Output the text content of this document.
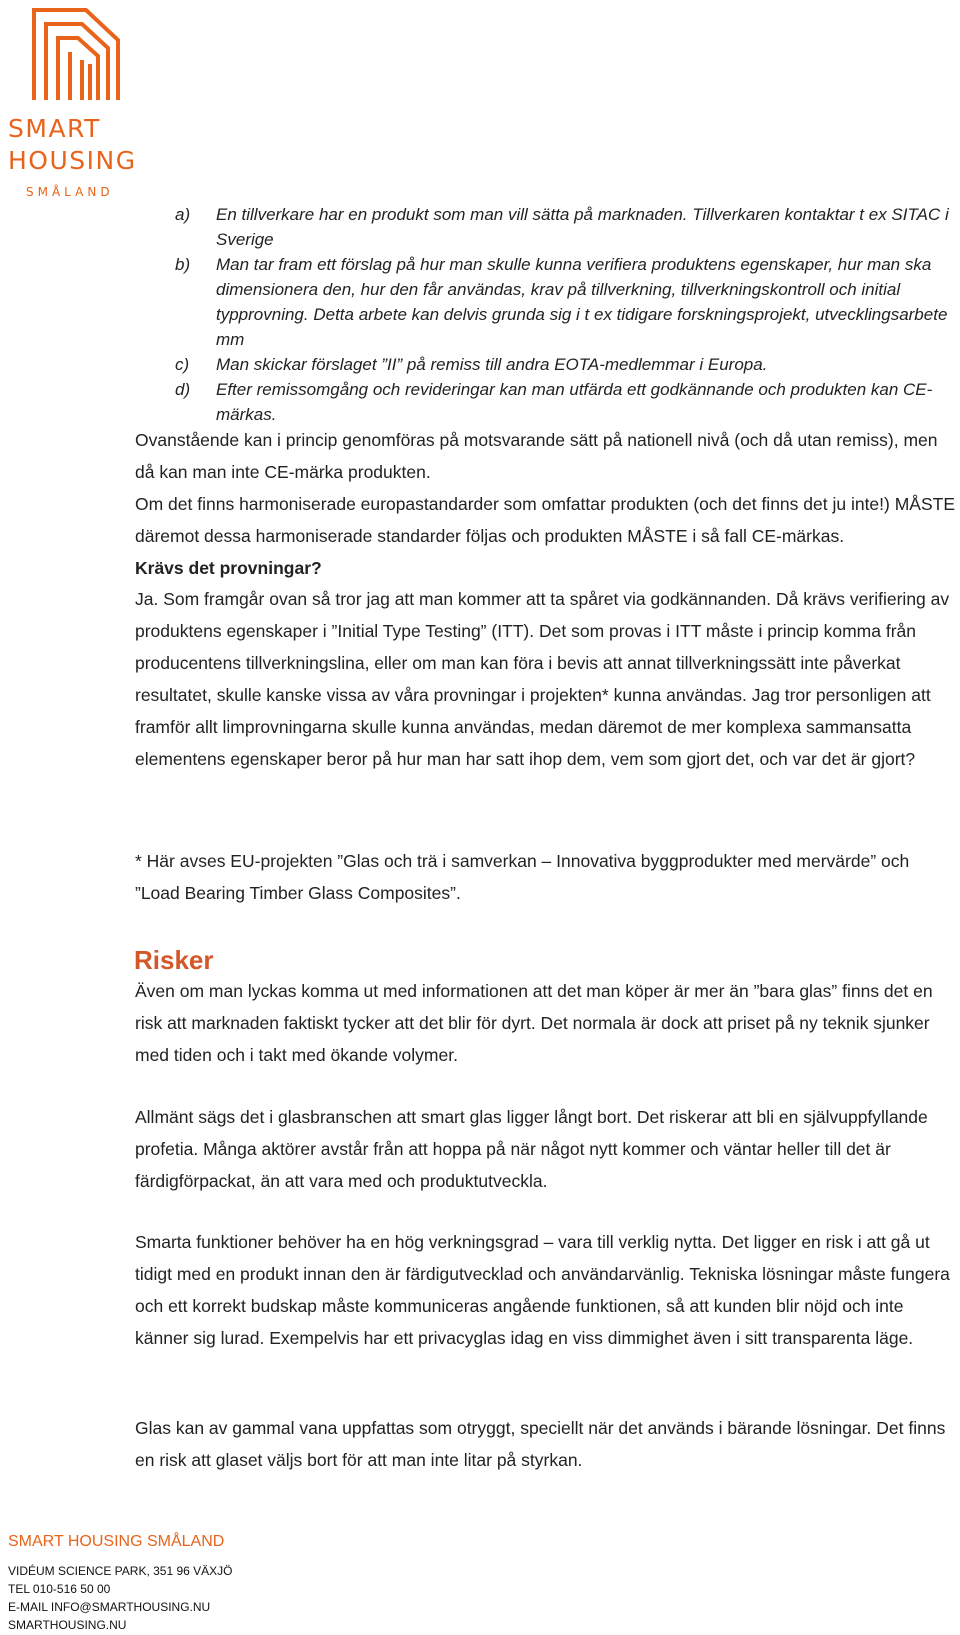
SMART
HOUSING
SMÅLAND
a) En tillverkare har en produkt som man vill sätta på marknaden. Tillverkaren kontaktar t ex SITAC i Sverige
b) Man tar fram ett förslag på hur man skulle kunna verifiera produktens egenskaper, hur man ska dimensionera den, hur den får användas, krav på tillverkning, tillverkningskontroll och initial typprovning. Detta arbete kan delvis grunda sig i t ex tidigare forskningsprojekt, utvecklingsarbete mm
c) Man skickar förslaget ”II” på remiss till andra EOTA-medlemmar i Europa.
d) Efter remissomgång och revideringar kan man utfärda ett godkännande och produkten kan CE-märkas.

Ovanstående kan i princip genomföras på motsvarande sätt på nationell nivå (och då utan remiss), men då kan man inte CE-märka produkten.

Om det finns harmoniserade europastandarder som omfattar produkten (och det finns det ju inte!) MÅSTE däremot dessa harmoniserade standarder följas och produkten MÅSTE i så fall CE-märkas.

Krävs det provningar?

Ja. Som framgår ovan så tror jag att man kommer att ta spåret via godkännanden. Då krävs verifiering av produktens egenskaper i ”Initial Type Testing” (ITT). Det som provas i ITT måste i princip komma från producentens tillverkningslina, eller om man kan föra i bevis att annat tillverkningssätt inte påverkat resultatet, skulle kanske vissa av våra provningar i projekten* kunna användas. Jag tror personligen att framför allt limprovningarna skulle kunna användas, medan däremot de mer komplexa sammansatta elementens egenskaper beror på hur man har satt ihop dem, vem som gjort det, och var det är gjort?

* Här avses EU-projekten ”Glas och trä i samverkan – Innovativa byggprodukter med mervärde” och ”Load Bearing Timber Glass Composites”.

Risker

Även om man lyckas komma ut med informationen att det man köper är mer än ”bara glas” finns det en risk att marknaden faktiskt tycker att det blir för dyrt. Det normala är dock att priset på ny teknik sjunker med tiden och i takt med ökande volymer.

Allmänt sägs det i glasbranschen att smart glas ligger långt bort. Det riskerar att bli en självuppfyllande profetia. Många aktörer avstår från att hoppa på när något nytt kommer och väntar heller till det är färdigförpackat, än att vara med och produktutveckla.

Smarta funktioner behöver ha en hög verkningsgrad – vara till verklig nytta. Det ligger en risk i att gå ut tidigt med en produkt innan den är färdigutvecklad och användarvänlig. Tekniska lösningar måste fungera och ett korrekt budskap måste kommuniceras angående funktionen, så att kunden blir nöjd och inte känner sig lurad. Exempelvis har ett privacyglas idag en viss dimmighet även i sitt transparenta läge.

Glas kan av gammal vana uppfattas som otryggt, speciellt när det används i bärande lösningar. Det finns en risk att glaset väljs bort för att man inte litar på styrkan.

SMART HOUSING SMÅLAND
VIDÉUM SCIENCE PARK, 351 96 VÄXJÖ
TEL 010-516 50 00
E-MAIL INFO@SMARTHOUSING.NU
SMARTHOUSING.NU
